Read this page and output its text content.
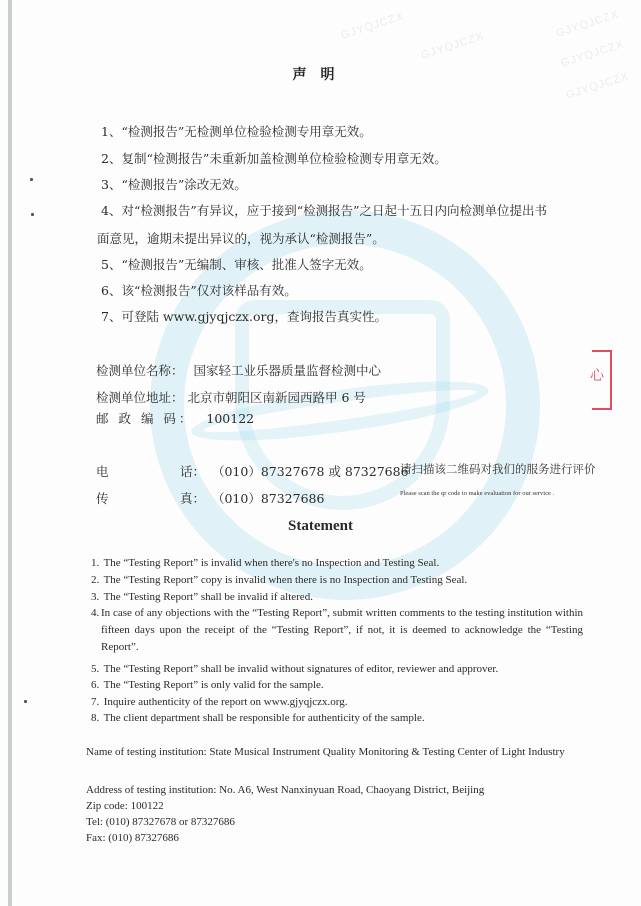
GJYQJCZX
GJYQJCZX
GJYQJCZX
GJYQJCZX
GJYQJCZX
声明
1、“检测报告”无检测单位检验检测专用章无效。
2、复制“检测报告”未重新加盖检测单位检验检测专用章无效。
3、“检测报告”涂改无效。
4、对“检测报告”有异议，应于接到“检测报告”之日起十五日内向检测单位提出书
面意见，逾期未提出异议的，视为承认“检测报告”。
5、“检测报告”无编制、审核、批准人签字无效。
6、该“检测报告”仅对该样品有效。
7、可登陆 www.gjyqjczx.org，查询报告真实性。
检测单位名称： 国家轻工业乐器质量监督检测中心
检测单位地址： 北京市朝阳区南新园西路甲 6 号
邮 政 编 码： 100122
电	话： （010）87327678 或 87327686
传	真： （010）87327686
心
请扫描该二维码对我们的服务进行评价
Please scan the qr code to make evaluation for our service .
Statement
1. The “Testing Report” is invalid when there's no Inspection and Testing Seal.
2. The “Testing Report” copy is invalid when there is no Inspection and Testing Seal.
3. The “Testing Report” shall be invalid if altered.
4. In case of any objections with the “Testing Report”, submit written comments to the testing institution within fifteen days upon the receipt of the “Testing Report”, if not, it is deemed to acknowledge the “Testing Report”.
5. The “Testing Report” shall be invalid without signatures of editor, reviewer and approver.
6. The “Testing Report” is only valid for the sample.
7. Inquire authenticity of the report on www.gjyqjczx.org.
8. The client department shall be responsible for authenticity of the sample.
Name of testing institution: State Musical Instrument Quality Monitoring & Testing Center of Light Industry
Address of testing institution: No. A6, West Nanxinyuan Road, Chaoyang District, Beijing
Zip code: 100122
Tel: (010) 87327678 or 87327686
Fax: (010) 87327686
